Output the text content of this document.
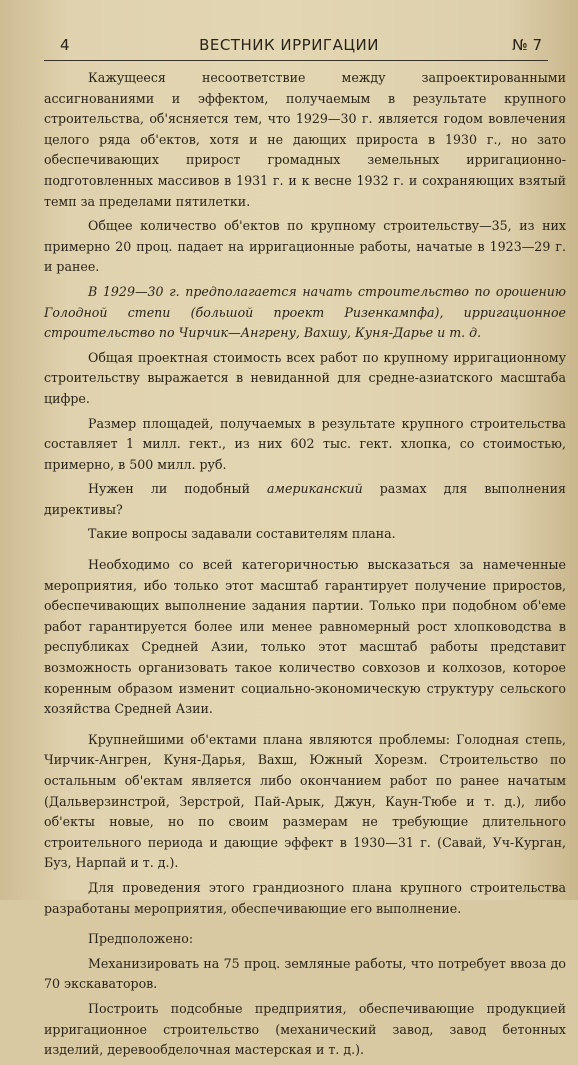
4	ВЕСТНИК ИРРИГАЦИИ	№ 7

Кажущееся несоответствие между запроектированными ассигнованиями и эффектом, получаемым в результате крупного строительства, об'ясняется тем, что 1929—30 г. является годом вовлечения целого ряда об'ектов, хотя и не дающих прироста в 1930 г., но зато обеспечивающих прирост громадных земельных ирригационно-подготовленных массивов в 1931 г. и к весне 1932 г. и сохраняющих взятый темп за пределами пятилетки.

Общее количество об'ектов по крупному строительству—35, из них примерно 20 проц. падает на ирригационные работы, начатые в 1923—29 г. и ранее.

В 1929—30 г. предполагается начать строительство по орошению Голодной степи (большой проект Ризенкампфа), ирригационное строительство по Чирчик—Ангрену, Вахшу, Куня-Дарье и т. д.

Общая проектная стоимость всех работ по крупному ирригационному строительству выражается в невиданной для средне-азиатского масштаба цифре.

Размер площадей, получаемых в результате крупного строительства составляет 1 милл. гект., из них 602 тыс. гект. хлопка, со стоимостью, примерно, в 500 милл. руб.

Нужен ли подобный американский размах для выполнения директивы?

Такие вопросы задавали составителям плана.

Необходимо со всей категоричностью высказаться за намеченные мероприятия, ибо только этот масштаб гарантирует получение приростов, обеспечивающих выполнение задания партии. Только при подобном об'еме работ гарантируется более или менее равномерный рост хлопководства в республиках Средней Азии, только этот масштаб работы представит возможность организовать такое количество совхозов и колхозов, которое коренным образом изменит социально-экономическую структуру сельского хозяйства Средней Азии.

Крупнейшими об'ектами плана являются проблемы: Голодная степь, Чирчик-Ангрен, Куня-Дарья, Вахш, Южный Хорезм. Строительство по остальным об'ектам является либо окончанием работ по ранее начатым (Дальверзинстрой, Зерстрой, Пай-Арык, Джун, Каун-Тюбе и т. д.), либо об'екты новые, но по своим размерам не требующие длительного строительного периода и дающие эффект в 1930—31 г. (Савай, Уч-Курган, Буз, Нарпай и т. д.).

Для проведения этого грандиозного плана крупного строительства разработаны мероприятия, обеспечивающие его выполнение.

Предположено:

Механизировать на 75 проц. земляные работы, что потребует ввоза до 70 экскаваторов.

Построить подсобные предприятия, обеспечивающие продукцией ирригационное строительство (механический завод, завод бетонных изделий, деревообделочная мастерская и т. д.).
